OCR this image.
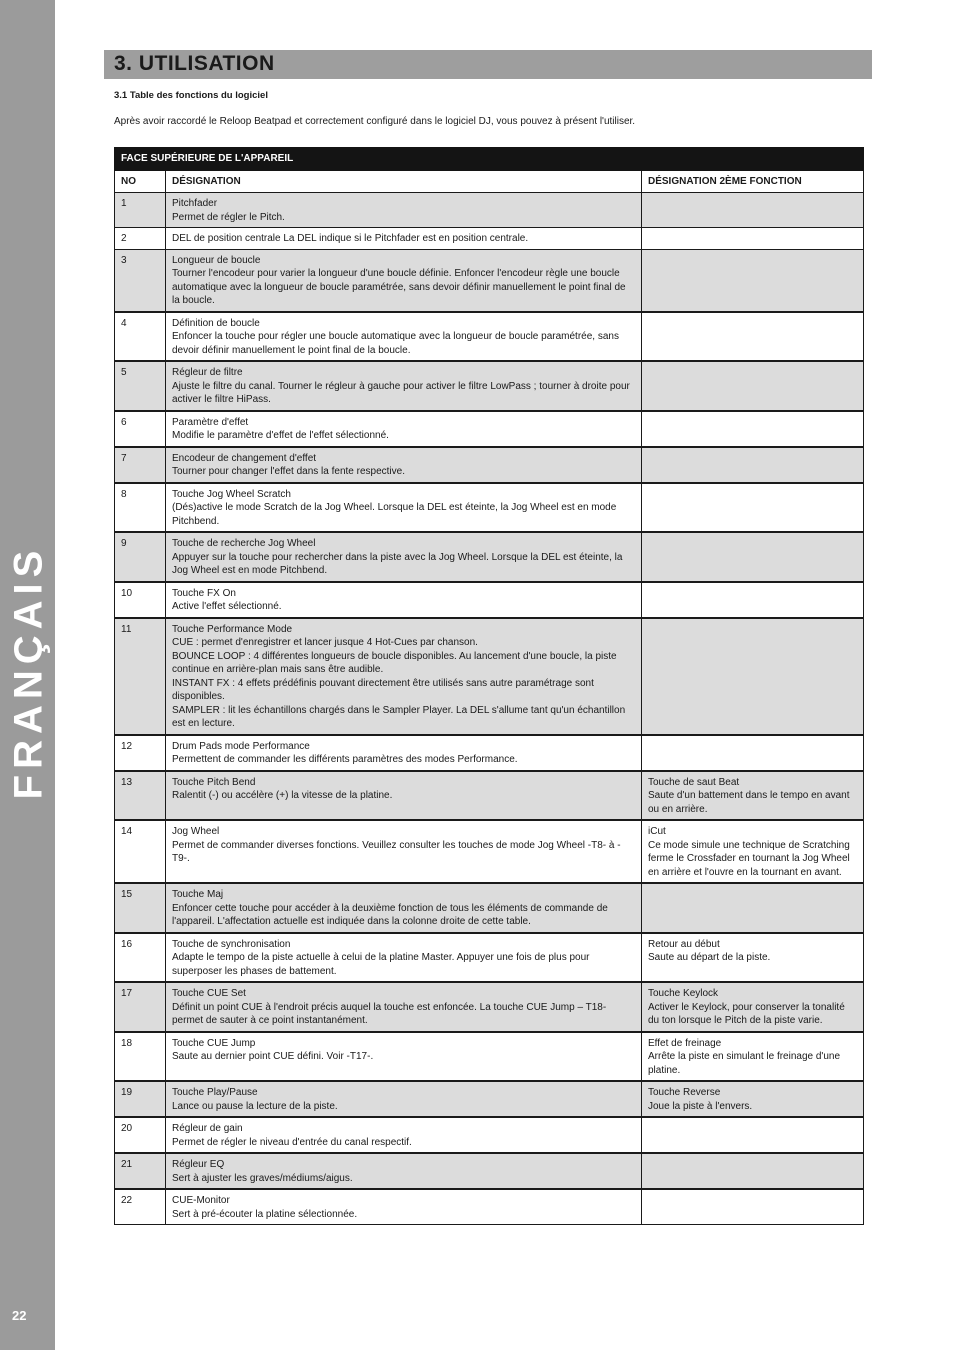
FRANÇAIS
22
3. UTILISATION
3.1 Table des fonctions du logiciel
Après avoir raccordé le Reloop Beatpad et correctement configuré dans le logiciel DJ, vous pouvez à présent l'utiliser.
FACE SUPÉRIEURE DE L'APPAREIL		
NO	DÉSIGNATION	DÉSIGNATION 2ÈME FONCTION
1	Pitchfader
Permet de régler le Pitch.	

2	DEL de position centrale La DEL indique si le Pitchfader est en position centrale.	

3	Longueur de boucle
Tourner l'encodeur pour varier la longueur d'une boucle définie. Enfoncer l'encodeur règle une boucle automatique avec la longueur de boucle paramétrée, sans devoir définir manuellement le point final de la boucle.	

4	Définition de boucle
Enfoncer la touche pour régler une boucle automatique avec la longueur de boucle paramétrée, sans devoir définir manuellement le point final de la boucle.	

5	Régleur de filtre
Ajuste le filtre du canal. Tourner le régleur à gauche pour activer le filtre LowPass ; tourner à droite pour activer le filtre HiPass.	

6	Paramètre d'effet
Modifie le paramètre d'effet de l'effet sélectionné.	

7	Encodeur de changement d'effet
Tourner pour changer l'effet dans la fente respective.	

8	Touche Jog Wheel Scratch
(Dés)active le mode Scratch de la Jog Wheel. Lorsque la DEL est éteinte, la Jog Wheel est en mode Pitchbend.	

9	Touche de recherche Jog Wheel
Appuyer sur la touche pour rechercher dans la piste avec la Jog Wheel. Lorsque la DEL est éteinte, la Jog Wheel est en mode Pitchbend.	

10	Touche FX On
Active l'effet sélectionné.	

11	Touche Performance Mode
CUE : permet d'enregistrer et lancer jusque 4 Hot-Cues par chanson.
BOUNCE LOOP : 4 différentes longueurs de boucle disponibles. Au lancement d'une boucle, la piste continue en arrière-plan mais sans être audible.
INSTANT FX : 4 effets prédéfinis pouvant directement être utilisés sans autre paramétrage sont disponibles.
SAMPLER : lit les échantillons chargés dans le Sampler Player. La DEL s'allume tant qu'un échantillon est en lecture.	

12	Drum Pads mode Performance
Permettent de commander les différents paramètres des modes Performance.	

13	Touche Pitch Bend
Ralentit (-) ou accélère (+) la vitesse de la platine.	Touche de saut Beat
Saute d'un battement dans le tempo en avant ou en arrière.

14	Jog Wheel
Permet de commander diverses fonctions. Veuillez consulter les touches de mode Jog Wheel -T8- à -T9-.	iCut
Ce mode simule une technique de Scratching ferme le Crossfader en tournant la Jog Wheel en arrière et l'ouvre en la tournant en avant.

15	Touche Maj
Enfoncer cette touche pour accéder à la deuxième fonction de tous les éléments de commande de l'appareil. L'affectation actuelle est indiquée dans la colonne droite de cette table.	

16	Touche de synchronisation
Adapte le tempo de la piste actuelle à celui de la platine Master. Appuyer une fois de plus pour superposer les phases de battement.	Retour au début
Saute au départ de la piste.

17	Touche CUE Set
Définit un point CUE à l'endroit précis auquel la touche est enfoncée. La touche CUE Jump – T18- permet de sauter à ce point instantanément.	Touche Keylock
Activer le Keylock, pour conserver la tonalité du ton lorsque le Pitch de la piste varie.

18	Touche CUE Jump
Saute au dernier point CUE défini. Voir -T17-.	Effet de freinage
Arrête la piste en simulant le freinage d'une platine.

19	Touche Play/Pause
Lance ou pause la lecture de la piste.	Touche Reverse
Joue la piste à l'envers.

20	Régleur de gain
Permet de régler le niveau d'entrée du canal respectif.	

21	Régleur EQ
Sert à ajuster les graves/médiums/aigus.	

22	CUE-Monitor
Sert à pré-écouter la platine sélectionnée.	
